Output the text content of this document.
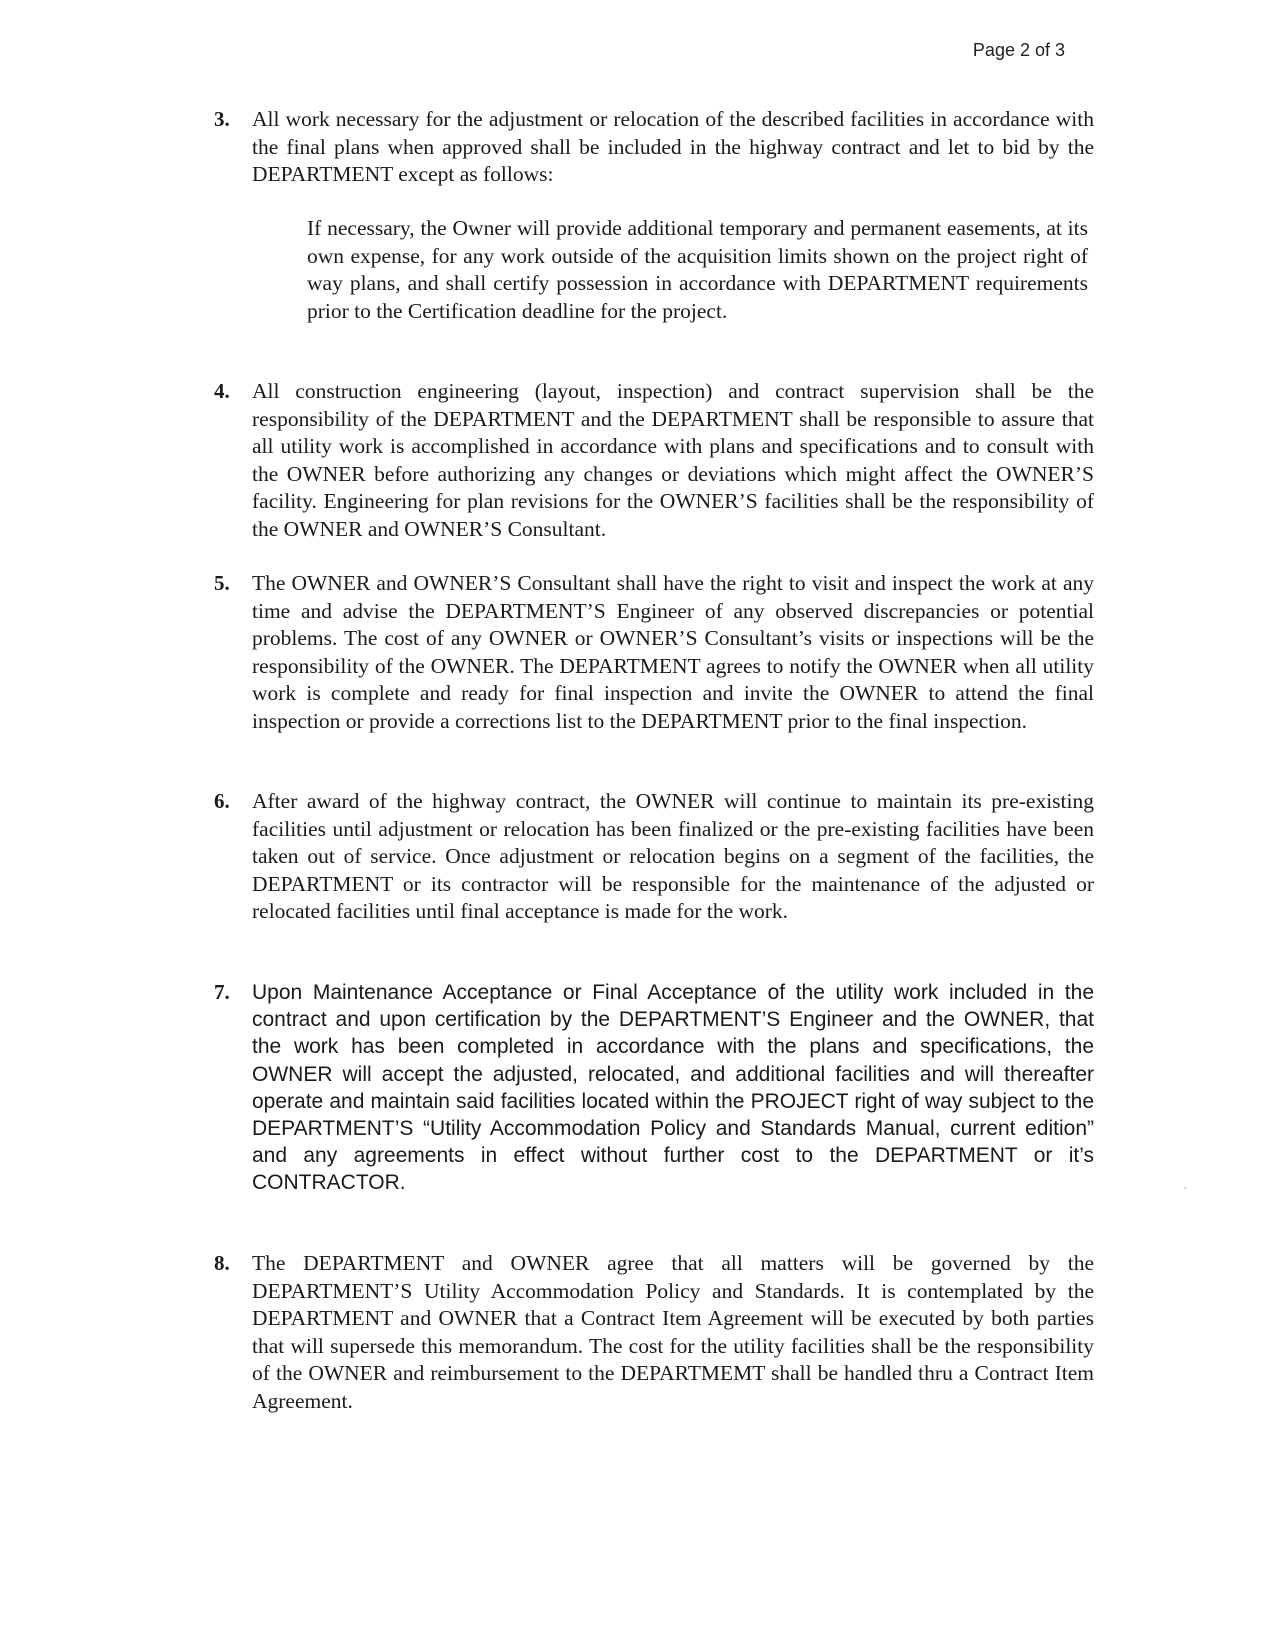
Page 2 of 3
3. All work necessary for the adjustment or relocation of the described facilities in accordance with the final plans when approved shall be included in the highway contract and let to bid by the DEPARTMENT except as follows:
If necessary, the Owner will provide additional temporary and permanent easements, at its own expense, for any work outside of the acquisition limits shown on the project right of way plans, and shall certify possession in accordance with DEPARTMENT requirements prior to the Certification deadline for the project.
4. All construction engineering (layout, inspection) and contract supervision shall be the responsibility of the DEPARTMENT and the DEPARTMENT shall be responsible to assure that all utility work is accomplished in accordance with plans and specifications and to consult with the OWNER before authorizing any changes or deviations which might affect the OWNER’S facility. Engineering for plan revisions for the OWNER’S facilities shall be the responsibility of the OWNER and OWNER’S Consultant.
5. The OWNER and OWNER’S Consultant shall have the right to visit and inspect the work at any time and advise the DEPARTMENT’S Engineer of any observed discrepancies or potential problems. The cost of any OWNER or OWNER’S Consultant’s visits or inspections will be the responsibility of the OWNER. The DEPARTMENT agrees to notify the OWNER when all utility work is complete and ready for final inspection and invite the OWNER to attend the final inspection or provide a corrections list to the DEPARTMENT prior to the final inspection.
6. After award of the highway contract, the OWNER will continue to maintain its pre-existing facilities until adjustment or relocation has been finalized or the pre-existing facilities have been taken out of service. Once adjustment or relocation begins on a segment of the facilities, the DEPARTMENT or its contractor will be responsible for the maintenance of the adjusted or relocated facilities until final acceptance is made for the work.
7. Upon Maintenance Acceptance or Final Acceptance of the utility work included in the contract and upon certification by the DEPARTMENT’S Engineer and the OWNER, that the work has been completed in accordance with the plans and specifications, the OWNER will accept the adjusted, relocated, and additional facilities and will thereafter operate and maintain said facilities located within the PROJECT right of way subject to the DEPARTMENT’S “Utility Accommodation Policy and Standards Manual, current edition” and any agreements in effect without further cost to the DEPARTMENT or it’s CONTRACTOR.
8. The DEPARTMENT and OWNER agree that all matters will be governed by the DEPARTMENT’S Utility Accommodation Policy and Standards. It is contemplated by the DEPARTMENT and OWNER that a Contract Item Agreement will be executed by both parties that will supersede this memorandum. The cost for the utility facilities shall be the responsibility of the OWNER and reimbursement to the DEPARTMEMT shall be handled thru a Contract Item Agreement.
